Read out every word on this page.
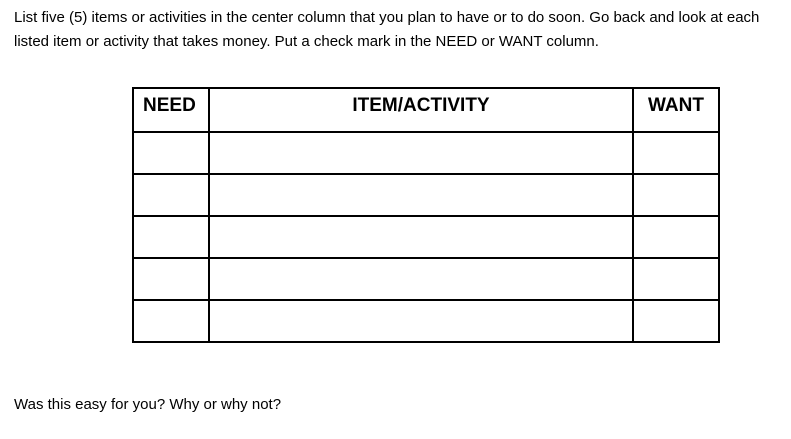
List five (5) items or activities in the center column that you plan to have or to do soon. Go back and look at each listed item or activity that takes money. Put a check mark in the NEED or WANT column.

NEED	ITEM/ACTIVITY	WANT

Was this easy for you? Why or why not?
